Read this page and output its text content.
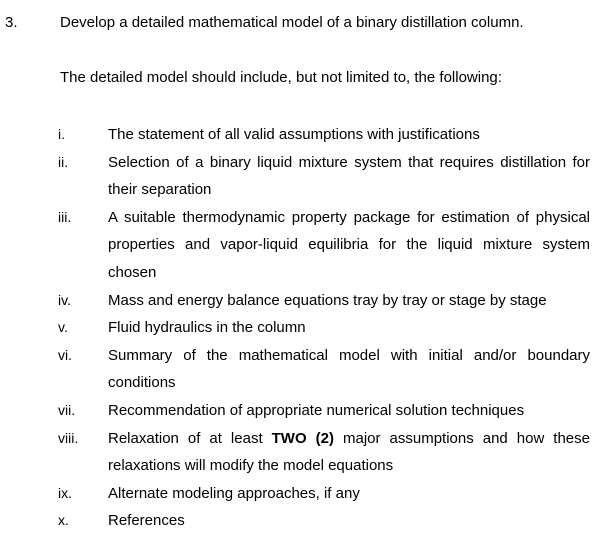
3.	Develop a detailed mathematical model of a binary distillation column.
The detailed model should include, but not limited to, the following:
i.	The statement of all valid assumptions with justifications
ii.	Selection of a binary liquid mixture system that requires distillation for their separation
iii.	A suitable thermodynamic property package for estimation of physical properties and vapor-liquid equilibria for the liquid mixture system chosen
iv.	Mass and energy balance equations tray by tray or stage by stage
v.	Fluid hydraulics in the column
vi.	Summary of the mathematical model with initial and/or boundary conditions
vii.	Recommendation of appropriate numerical solution techniques
viii.	Relaxation of at least TWO (2) major assumptions and how these relaxations will modify the model equations
ix.	Alternate modeling approaches, if any
x.	References
